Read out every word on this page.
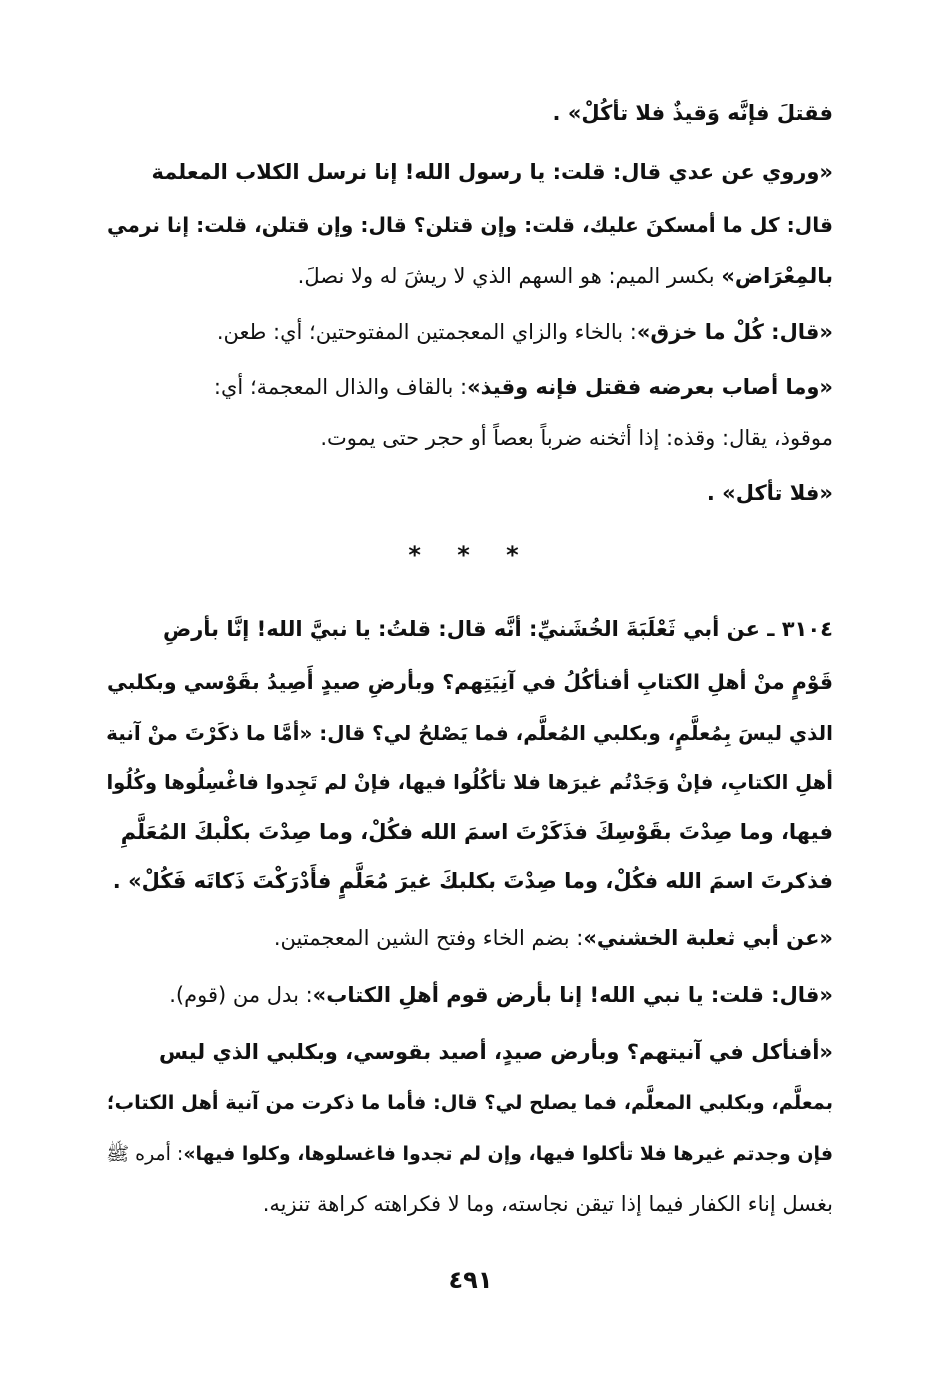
فقتلَ فإنَّه وَقيذٌ فلا تأكُلْ» .
«وروي عن عدي قال: قلت: يا رسول الله! إنا نرسل الكلاب المعلمة
قال: كل ما أمسكنَ عليك، قلت: وإن قتلن؟ قال: وإن قتلن، قلت: إنا نرمي
بالمِعْرَاض» بكسر الميم: هو السهم الذي لا ريشَ له ولا نصلَ.
«قال: كُلْ ما خزق»: بالخاء والزاي المعجمتين المفتوحتين؛ أي: طعن.
«وما أصاب بعرضه فقتل فإنه وقيذ»: بالقاف والذال المعجمة؛ أي:
موقوذ، يقال: وقذه: إذا أثخنه ضرباً بعصاً أو حجر حتى يموت.
«فلا تأكل» .
* * *
٣١٠٤ ـ عن أبي ثَعْلَبَةَ الخُشَنيِّ: أنَّه قال: قلتُ: يا نبيَّ الله! إنَّا بأرضِ
قَوْمٍ منْ أهلِ الكتابِ أفنأكُلُ في آنِيَتِهم؟ وبأرضِ صيدٍ أَصِيدُ بقَوْسي وبكلبي
الذي ليسَ بِمُعلَّمٍ، وبكلبي المُعلَّم، فما يَصْلحُ لي؟ قال: «أمَّا ما ذكَرْتَ منْ آنية
أهلِ الكتابِ، فإنْ وَجَدْتُم غيرَها فلا تأكُلُوا فيها، فإنْ لم تَجِدوا فاغْسِلُوها وكُلُوا
فيها، وما صِدْتَ بقَوْسِكَ فذَكَرْتَ اسمَ الله فكُلْ، وما صِدْتَ بكلْبكَ المُعَلَّمِ
فذكرتَ اسمَ الله فكُلْ، وما صِدْتَ بكلبكَ غيرَ مُعَلَّمٍ فأَدْرَكْتَ ذَكاتَه فَكُلْ» .
«عن أبي ثعلبة الخشني»: بضم الخاء وفتح الشين المعجمتين.
«قال: قلت: يا نبي الله! إنا بأرض قوم أهلِ الكتاب»: بدل من (قوم).
«أفنأكل في آنيتهم؟ وبأرض صيدٍ، أصيد بقوسي، وبكلبي الذي ليس
بمعلَّم، وبكلبي المعلَّم، فما يصلح لي؟ قال: فأما ما ذكرت من آنية أهل الكتاب؛
فإن وجدتم غيرها فلا تأكلوا فيها، وإن لم تجدوا فاغسلوها، وكلوا فيها»: أمره ﷺ
بغسل إناء الكفار فيما إذا تيقن نجاسته، وما لا فكراهته كراهة تنزيه.
٤٩١
